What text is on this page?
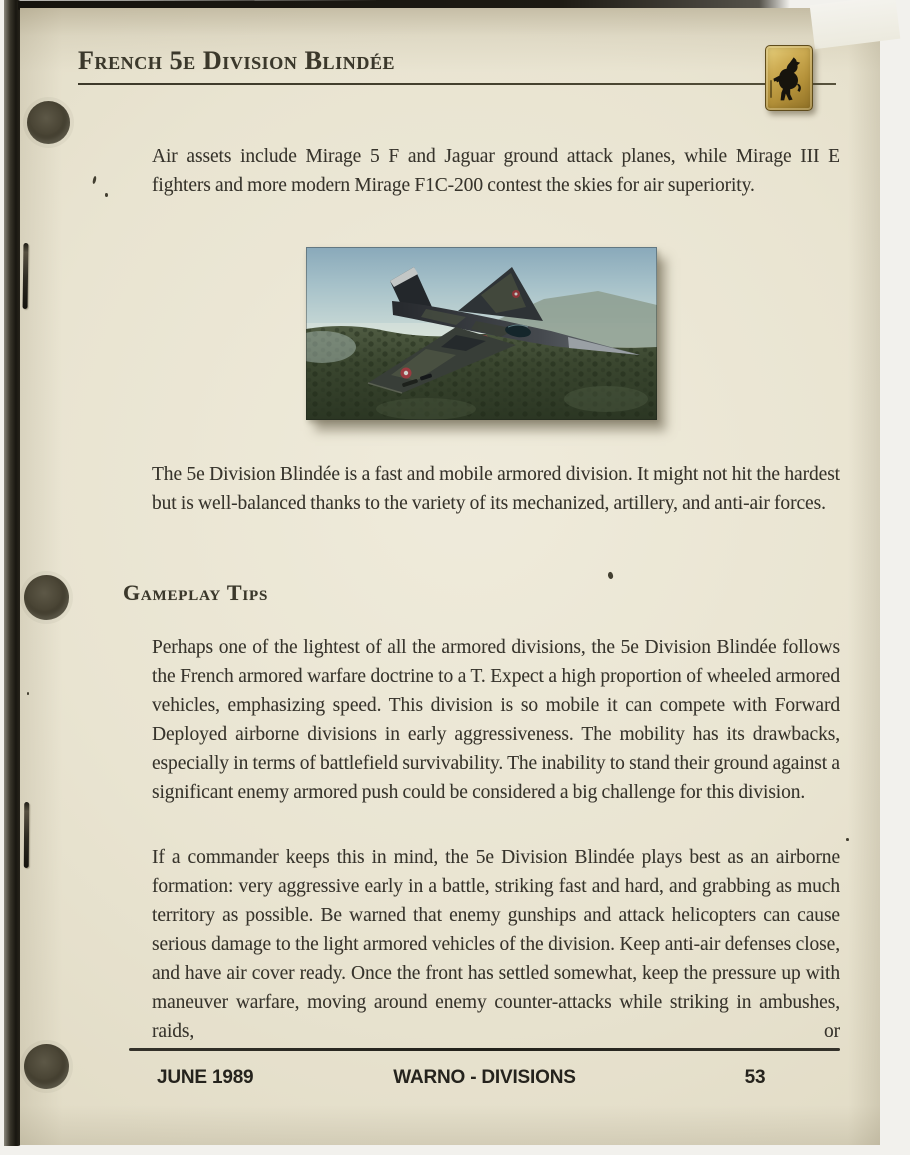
French 5e Division Blindée

Air assets include Mirage 5 F and Jaguar ground attack planes, while Mirage III E fighters and more modern Mirage F1C-200 contest the skies for air superiority.

The 5e Division Blindée is a fast and mobile armored division. It might not hit the hardest but is well-balanced thanks to the variety of its mechanized, artillery, and anti-air forces.

Gameplay Tips

Perhaps one of the lightest of all the armored divisions, the 5e Division Blindée follows the French armored warfare doctrine to a T. Expect a high proportion of wheeled armored vehicles, emphasizing speed. This division is so mobile it can compete with Forward Deployed airborne divisions in early aggressiveness. The mobility has its drawbacks, especially in terms of battlefield survivability. The inability to stand their ground against a significant enemy armored push could be considered a big challenge for this division.

If a commander keeps this in mind, the 5e Division Blindée plays best as an airborne formation: very aggressive early in a battle, striking fast and hard, and grabbing as much territory as possible. Be warned that enemy gunships and attack helicopters can cause serious damage to the light armored vehicles of the division. Keep anti-air defenses close, and have air cover ready. Once the front has settled somewhat, keep the pressure up with maneuver warfare, moving around enemy counter-attacks while striking in ambushes, raids, or

JUNE 1989	WARNO - DIVISIONS	53
